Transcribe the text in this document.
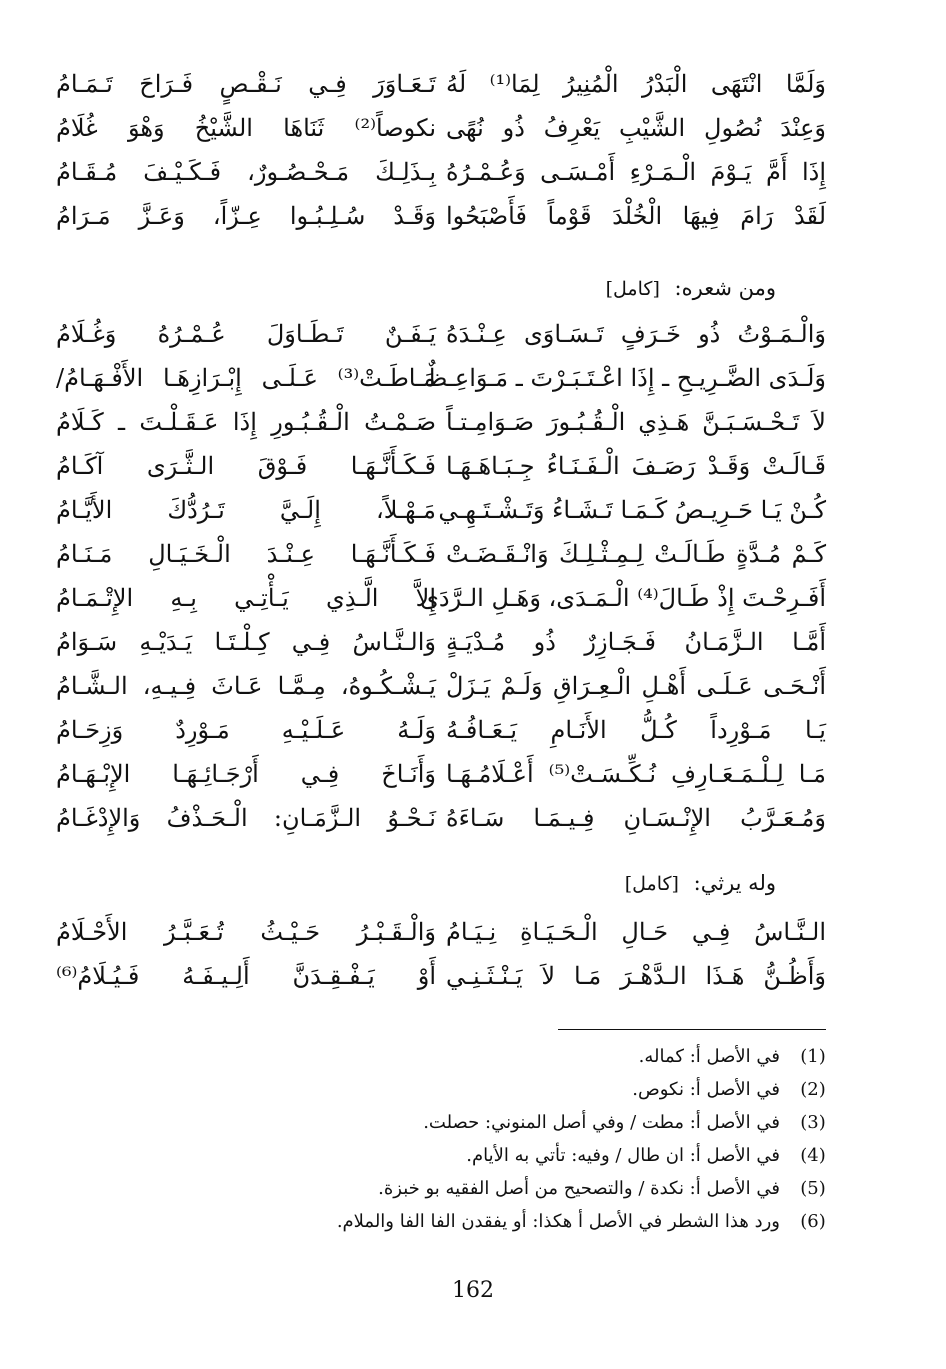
وَلَمَّا انْتَهَى الْبَدْرُ الْمُنِيرُ لِمَا⁽¹⁾ لَهُ
تَـعَـاوَرَ فِـي نَـقْـصٍ فَـرَاحَ تَـمَـامُ
وَعِنْدَ نُصُولِ الشَّيْبِ يَعْرِفُ ذُو نُهًى
نكوصاً⁽²⁾ ثَنَاهَا الشَّيْخُ وَهْوَ غُلَامُ
إِذَا أَمَّ يَـوْمَ الْـمَـرْءِ أَمْـسَـى وَعُـمْـرُهُ
بِـذَلِـكَ مَـحْـصُـورٌ، فَـكَـيْـفَ مُـقَـامُ
لَقَدْ رَامَ فِيهَا الْخُلْدَ قَوْماً فَأَصْبَحُوا
وَقَـدْ سُـلِـبُـوا عِـزّاً، وَعَـزَّ مَـرَامُ
ومن شعره: [كامل]
وَالْـمَـوْتُ ذُو خَـرَفٍ تَـسَـاوَى عِـنْـدَهُ
يَـفَـنٌ تَـطَـاوَلَ عُـمْـرُهُ وَغُـلَامُ
وَلَـدَى الضَّـرِيـحِ ـ إِذَا اعْـتَـبَـرْتَ ـ مَـوَاعِـظٌ
مَـاطَـتْ⁽³⁾ عَـلَـى إِبْـرَازِهَـا الأَفْـهَـامُ/
لاَ تَـحْـسَـبَـنَّ هَـذِي الْـقُـبُـورَ صَـوَامِـتـاً
صَـمْـتُ الْـقُـبُـورِ إِذَا عَـقَـلْـتَ ـ كَـلَامُ
قَـالَـتْ وَقَـدْ رَصَـفَ الْـفَـنَـاءُ جِـبَـاهَـهَـا
فَـكَـأَنَّـهَـا فَـوْقَ الـثَّـرَى آكَـامُ
كُـنْ يَـا حَـرِيـصُ كَـمَـا تَـشَـاءُ وَتَـشْـتَـهِـي
مَـهْـلاً، إِلَـيَّ تَـرُدُّكَ الأَيَّـامُ
كَـمْ مُـدَّةٍ طَـالَـتْ لِـمِـثْـلِـكَ وَانْـقَـضَـتْ
فَـكَـأَنَّـهَـا عِـنْـدَ الْـخَـيَـالِ مَـنَـامُ
أَفَـرِحْـتَ إِذْ طَـالَ⁽⁴⁾ الْـمَـدَى، وَهَـلِ الـرَّدَى
إِلاَّ الَّـذِي يَـأْتِـي بِـهِ الإِتْـمَـامُ
أَمَّـا الـزَّمَـانُ فَـجَـازِرٌ ذُو مُـدْيَـةٍ
وَالـنَّـاسُ فِـي كِـلْـتَـا يَـدَيْـهِ سَـوَامُ
أَنْـحَـى عَـلَـى أَهْـلِ الْـعِـرَاقِ وَلَـمْ يَـزَلْ
يَـشْـكُـوهُ، مِـمَّـا عَـاثَ فِـيـهِ، الـشَّـامُ
يَـا مَـوْرِداً كُـلُّ الأَنَـامِ يَـعَـافُـهُ
وَلَـهُ عَـلَـيْـهِ مَـوْرِدٌ وَزِحَـامُ
مَـا لِـلْـمَـعَـارِفِ نُـكِّـسَـتْ⁽⁵⁾ أَعْـلَامُـهَـا
وَأَنَـاخَ فِـي أَرْجَـائِـهَـا الإِبْـهَـامُ
وَمُـعَـرَّبُ الإِنْـسَـانِ فِـيـمَـا سَـاءَهُ
نَـحْـوُ الـزَّمَـانِ: الْـحَـذْفُ وَالإِدْغَـامُ
وله يرثي: [كامل]
الـنَّـاسُ فِـي حَـالِ الْـحَـيَـاةِ نِـيَـامُ
وَالْـقَـبْـرُ حَـيْـثُ تُـعَـبَّـرُ الأَحْـلَامُ
وَأَظُـنُّ هَـذَا الـدَّهْـرَ مَـا لاَ يَـنْـثَـنِـي
أَوْ يَـفْـقِـدَنَّ أَلِـيـفَـهُ فَـيُـلَامُ⁽⁶⁾
(1)
في الأصل أ: كماله.
(2)
في الأصل أ: نكوص.
(3)
في الأصل أ: مطت / وفي أصل المنوني: حصلت.
(4)
في الأصل أ: ان طال / وفيه: تأتي به الأيام.
(5)
في الأصل أ: نكدة / والتصحيح من أصل الفقيه بو خبزة.
(6)
ورد هذا الشطر في الأصل أ هكذا: أو يفقدن الفا الفا والملام.
162
